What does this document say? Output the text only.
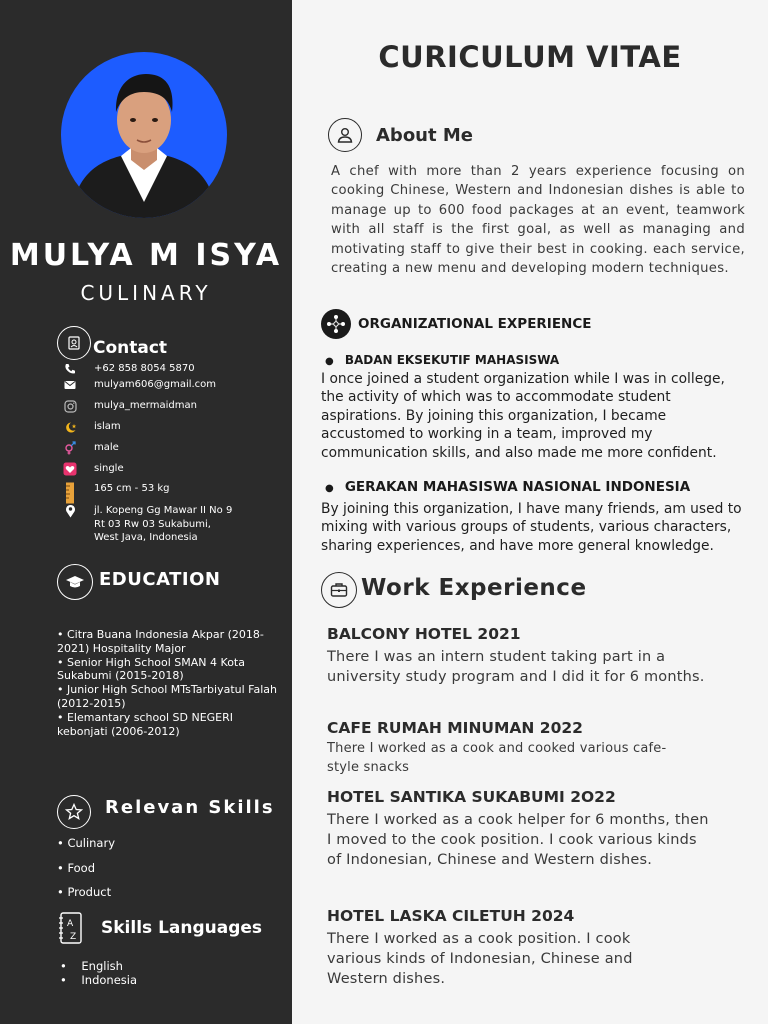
MULYA M ISYA
CULINARY
Contact
+62 858 8054 5870
mulyam606@gmail.com
mulya_mermaidman
islam
male
single
165 cm - 53 kg
jl. Kopeng Gg Mawar II No 9
Rt 03 Rw 03 Sukabumi,
West Java, Indonesia
EDUCATION
• Citra Buana Indonesia Akpar (2018-2021) Hospitality Major
• Senior High School SMAN 4 Kota Sukabumi (2015-2018)
• Junior High School MTsTarbiyatul Falah (2012-2015)
• Elemantary school SD NEGERI kebonjati (2006-2012)
Relevan Skills
• Culinary
• Food
• Product
A
Z Skills Languages
•    English
•    Indonesia
CURICULUM VITAE
About Me
A chef with more than 2 years experience focusing on cooking Chinese, Western and Indonesian dishes is able to manage up to 600 food packages at an event, teamwork with all staff is the first goal, as well as managing and motivating staff to give their best in cooking. each service, creating a new menu and developing modern techniques.
ORGANIZATIONAL EXPERIENCE
● BADAN EKSEKUTIF MAHASISWA
I once joined a student organization while I was in college, the activity of which was to accommodate student aspirations. By joining this organization, I became accustomed to working in a team, improved my communication skills, and also made me more confident.
● GERAKAN MAHASISWA NASIONAL INDONESIA
By joining this organization, I have many friends, am used to mixing with various groups of students, various characters, sharing experiences, and have more general knowledge.
Work Experience
BALCONY HOTEL 2021
There I was an intern student taking part in a university study program and I did it for 6 months.
CAFE RUMAH MINUMAN 2022
There I worked as a cook and cooked various cafe-style snacks
HOTEL SANTIKA SUKABUMI 2O22
There I worked as a cook helper for 6 months, then I moved to the cook position. I cook various kinds of Indonesian, Chinese and Western dishes.
HOTEL LASKA CILETUH 2024
There I worked as a cook position. I cook various kinds of Indonesian, Chinese and Western dishes.
